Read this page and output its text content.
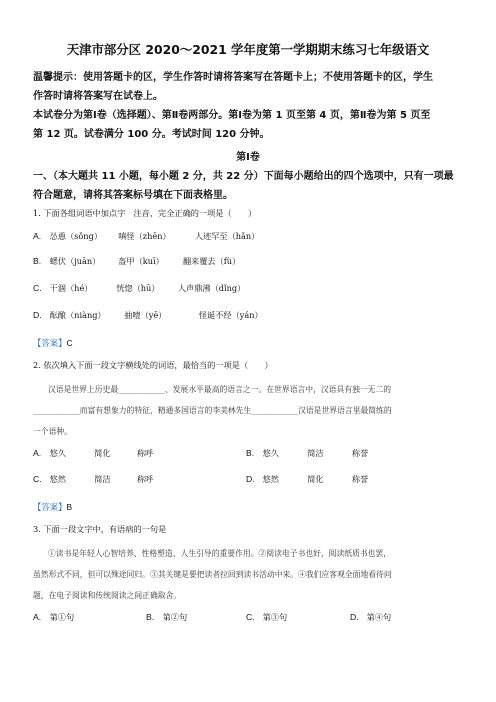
天津市部分区 2020～2021 学年度第一学期期末练习七年级语文
温馨提示：使用答题卡的区，学生作答时请将答案写在答题卡上；不使用答题卡的区，学生
作答时请将答案写在试卷上。
本试卷分为第Ⅰ卷（选择题）、第Ⅱ卷两部分。第Ⅰ卷为第 1 页至第 4 页，第Ⅱ卷为第 5 页至
第 12 页。试卷满分 100 分。考试时间 120 分钟。
第Ⅰ卷
一、（本大题共 11 小题，每小题 2 分，共 22 分）下面每小题给出的四个选项中，只有一项最
符合题意，请将其答案标号填在下面表格里。
1. 下面各组词语中加点字　注音，完全正确的一项是（　　）
A. 怂恿（sǒng） 嗔怪（zhēn）	人迹罕至（hǎn）
B. 蟋伏（juān） 盔甲（kuī） 翻来覆去（fù）
C. 干涸（hé）	恍惚（hū） 人声鼎沸（dǐng）
D. 酝酿（niàng） 抽噎（yē）	怪诞不经（yán）
【答案】C
2. 依次填入下面一段文字横线处的词语，最恰当的一项是（　　）
汉语是世界上历史最____________、发展水平最高的语言之一。在世界语言中，汉语具有独一无二的
____________而富有想象力的特征，精通多国语言的李美林先生____________汉语是世界语言里最简练的
一个语种。
A. 悠久	简化	称呼	B. 悠久	简洁	称誉
C. 悠然	简洁	称呼	D. 悠然	简化	称誉
【答案】B
3. 下面一段文字中，有语病的一句是
①读书是年轻人心智培养、性格塑造、人生引导的重要作用。②阅读电子书也好，阅读纸质书也罢，
虽然形式不同，但可以殊途同归。③其关键是要把读者拉回到读书活动中来。④我们应客观全面地看待问
题，在电子阅读和传统阅读之间正确取舍。
A. 第①句	B. 第②句	C. 第③句	D. 第④句
